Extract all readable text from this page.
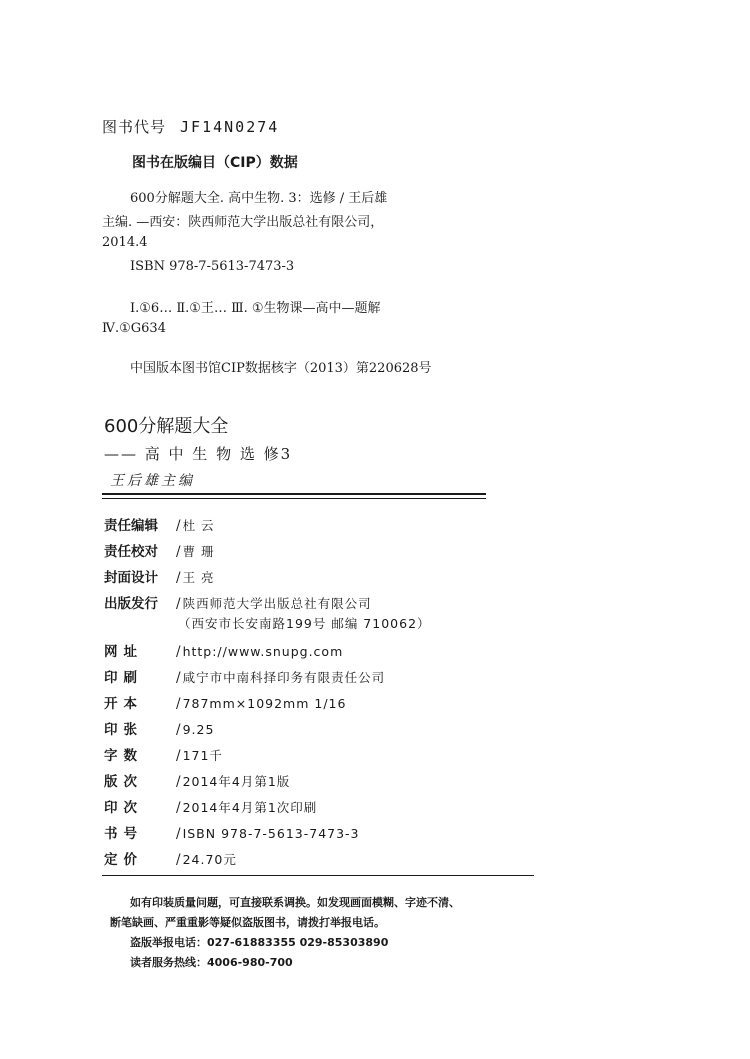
图书代号 JF14N0274
图书在版编目（CIP）数据
600分解题大全. 高中生物. 3：选修 / 王后雄
主编. —西安：陕西师范大学出版总社有限公司，
2014.4
ISBN 978-7-5613-7473-3
Ⅰ.①6… Ⅱ.①王… Ⅲ. ①生物课—高中—题解
Ⅳ.①G634
中国版本图书馆CIP数据核字（2013）第220628号
600分解题大全
—— 高 中 生 物 选 修3
王后雄主编
责任编辑 / 杜 云
责任校对 / 曹 珊
封面设计 / 王 亮
出版发行 / 陕西师范大学出版总社有限公司
（西安市长安南路199号 邮编 710062）
网 址	/ http://www.snupg.com
印 刷	/ 咸宁市中南科择印务有限责任公司
开 本	/ 787mm×1092mm 1/16
印 张	/ 9.25
字 数	/ 171千
版 次	/ 2014年4月第1版
印 次	/ 2014年4月第1次印刷
书 号	/ ISBN 978-7-5613-7473-3
定 价	/ 24.70元
如有印装质量问题，可直接联系调换。如发现画面模糊、字迹不清、
断笔缺画、严重重影等疑似盗版图书，请拨打举报电话。
盗版举报电话：027-61883355 029-85303890
读者服务热线：4006-980-700
